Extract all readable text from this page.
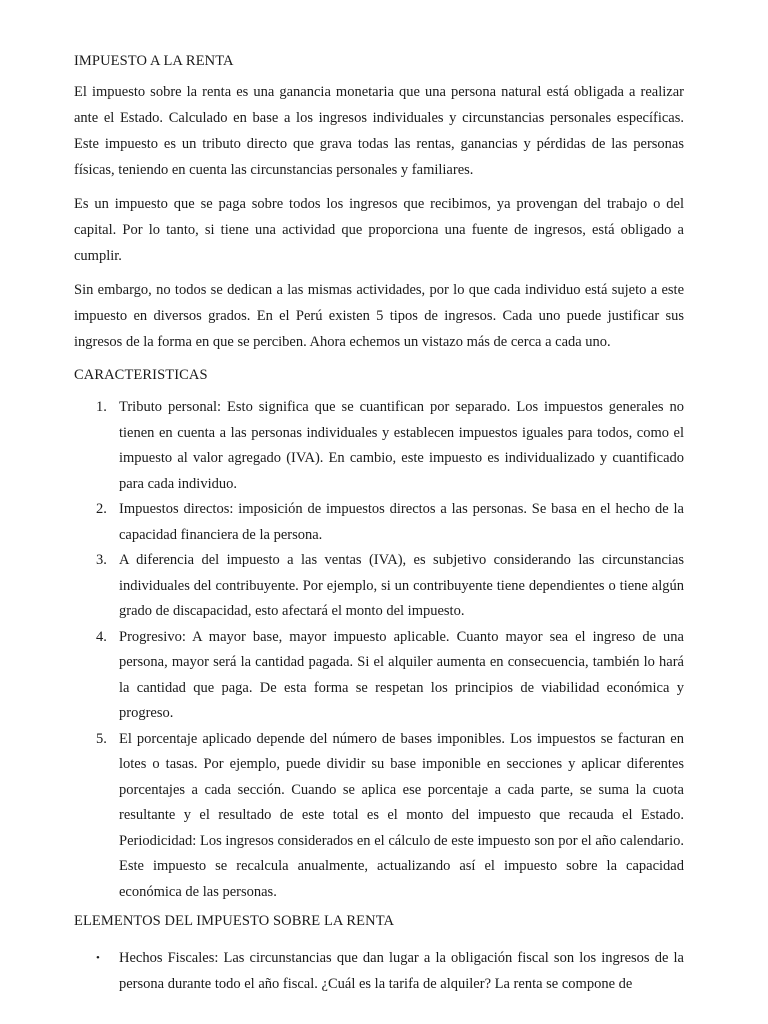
IMPUESTO A LA RENTA

El impuesto sobre la renta es una ganancia monetaria que una persona natural está obligada a realizar ante el Estado. Calculado en base a los ingresos individuales y circunstancias personales específicas. Este impuesto es un tributo directo que grava todas las rentas, ganancias y pérdidas de las personas físicas, teniendo en cuenta las circunstancias personales y familiares.

Es un impuesto que se paga sobre todos los ingresos que recibimos, ya provengan del trabajo o del capital. Por lo tanto, si tiene una actividad que proporciona una fuente de ingresos, está obligado a cumplir.

Sin embargo, no todos se dedican a las mismas actividades, por lo que cada individuo está sujeto a este impuesto en diversos grados. En el Perú existen 5 tipos de ingresos. Cada uno puede justificar sus ingresos de la forma en que se perciben. Ahora echemos un vistazo más de cerca a cada uno.

CARACTERISTICAS
1. Tributo personal: Esto significa que se cuantifican por separado. Los impuestos generales no tienen en cuenta a las personas individuales y establecen impuestos iguales para todos, como el impuesto al valor agregado (IVA). En cambio, este impuesto es individualizado y cuantificado para cada individuo.
2. Impuestos directos: imposición de impuestos directos a las personas. Se basa en el hecho de la capacidad financiera de la persona.
3. A diferencia del impuesto a las ventas (IVA), es subjetivo considerando las circunstancias individuales del contribuyente. Por ejemplo, si un contribuyente tiene dependientes o tiene algún grado de discapacidad, esto afectará el monto del impuesto.
4. Progresivo: A mayor base, mayor impuesto aplicable. Cuanto mayor sea el ingreso de una persona, mayor será la cantidad pagada. Si el alquiler aumenta en consecuencia, también lo hará la cantidad que paga. De esta forma se respetan los principios de viabilidad económica y progreso.
5. El porcentaje aplicado depende del número de bases imponibles. Los impuestos se facturan en lotes o tasas. Por ejemplo, puede dividir su base imponible en secciones y aplicar diferentes porcentajes a cada sección. Cuando se aplica ese porcentaje a cada parte, se suma la cuota resultante y el resultado de este total es el monto del impuesto que recauda el Estado. Periodicidad: Los ingresos considerados en el cálculo de este impuesto son por el año calendario. Este impuesto se recalcula anualmente, actualizando así el impuesto sobre la capacidad económica de las personas.
ELEMENTOS DEL IMPUESTO SOBRE LA RENTA
• Hechos Fiscales: Las circunstancias que dan lugar a la obligación fiscal son los ingresos de la persona durante todo el año fiscal. ¿Cuál es la tarifa de alquiler? La renta se compone de
